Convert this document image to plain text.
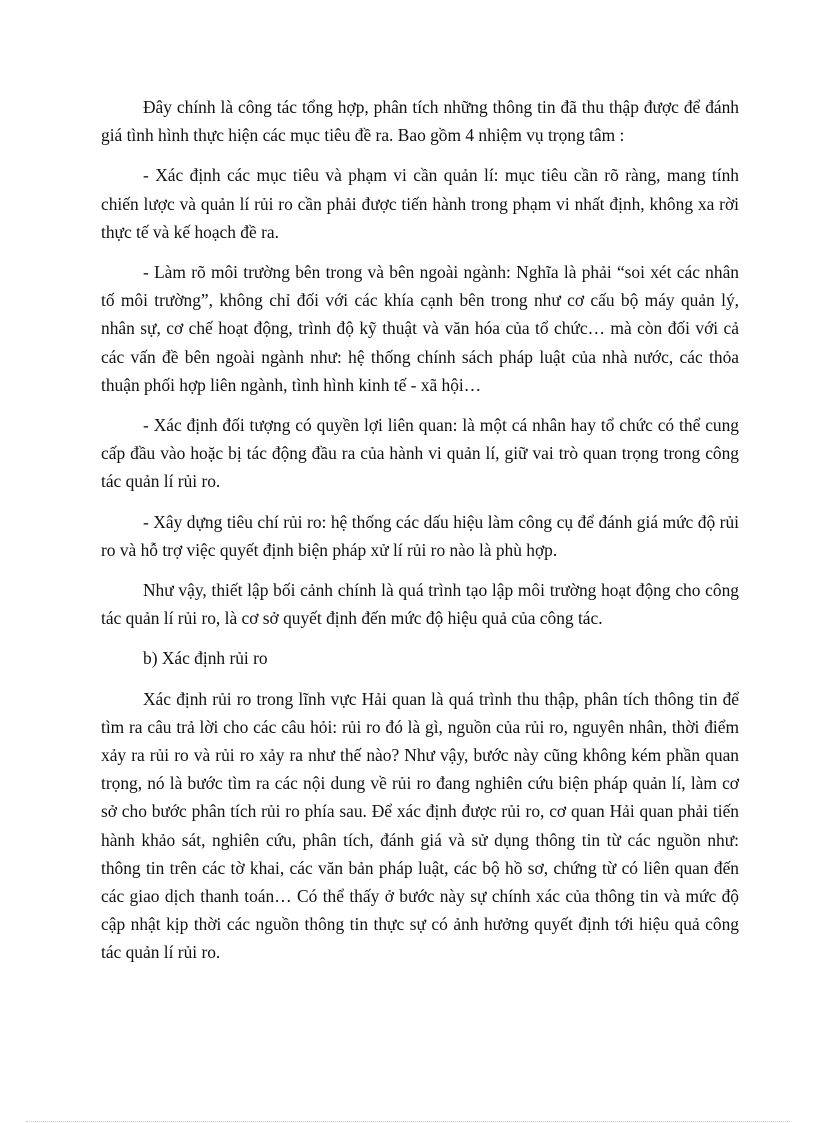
Đây chính là công tác tổng hợp, phân tích những thông tin đã thu thập được để đánh giá tình hình thực hiện các mục tiêu đề ra. Bao gồm 4 nhiệm vụ trọng tâm :

- Xác định các mục tiêu và phạm vi cần quản lí: mục tiêu cần rõ ràng, mang tính chiến lược và quản lí rủi ro cần phải được tiến hành trong phạm vi nhất định, không xa rời thực tế và kế hoạch đề ra.

- Làm rõ môi trường bên trong và bên ngoài ngành: Nghĩa là phải “soi xét các nhân tố môi trường”, không chỉ đối với các khía cạnh bên trong như cơ cấu bộ máy quản lý, nhân sự, cơ chế hoạt động, trình độ kỹ thuật và văn hóa của tổ chức… mà còn đối với cả các vấn đề bên ngoài ngành như: hệ thống chính sách pháp luật của nhà nước, các thỏa thuận phối hợp liên ngành, tình hình kinh tế - xã hội…

- Xác định đối tượng có quyền lợi liên quan: là một cá nhân hay tổ chức có thể cung cấp đầu vào hoặc bị tác động đầu ra của hành vi quản lí, giữ vai trò quan trọng trong công tác quản lí rủi ro.

- Xây dựng tiêu chí rủi ro: hệ thống các dấu hiệu làm công cụ để đánh giá mức độ rủi ro và hỗ trợ việc quyết định biện pháp xử lí rủi ro nào là phù hợp.

Như vậy, thiết lập bối cảnh chính là quá trình tạo lập môi trường hoạt động cho công tác quản lí rủi ro, là cơ sở quyết định đến mức độ hiệu quả của công tác.

b) Xác định rủi ro

Xác định rủi ro trong lĩnh vực Hải quan là quá trình thu thập, phân tích thông tin để tìm ra câu trả lời cho các câu hỏi: rủi ro đó là gì, nguồn của rủi ro, nguyên nhân, thời điểm xảy ra rủi ro và rủi ro xảy ra như thế nào? Như vậy, bước này cũng không kém phần quan trọng, nó là bước tìm ra các nội dung về rủi ro đang nghiên cứu biện pháp quản lí, làm cơ sở cho bước phân tích rủi ro phía sau. Để xác định được rủi ro, cơ quan Hải quan phải tiến hành khảo sát, nghiên cứu, phân tích, đánh giá và sử dụng thông tin từ các nguồn như: thông tin trên các tờ khai, các văn bản pháp luật, các bộ hồ sơ, chứng từ có liên quan đến các giao dịch thanh toán… Có thể thấy ở bước này sự chính xác của thông tin và mức độ cập nhật kịp thời các nguồn thông tin thực sự có ảnh hưởng quyết định tới hiệu quả công tác quản lí rủi ro.
